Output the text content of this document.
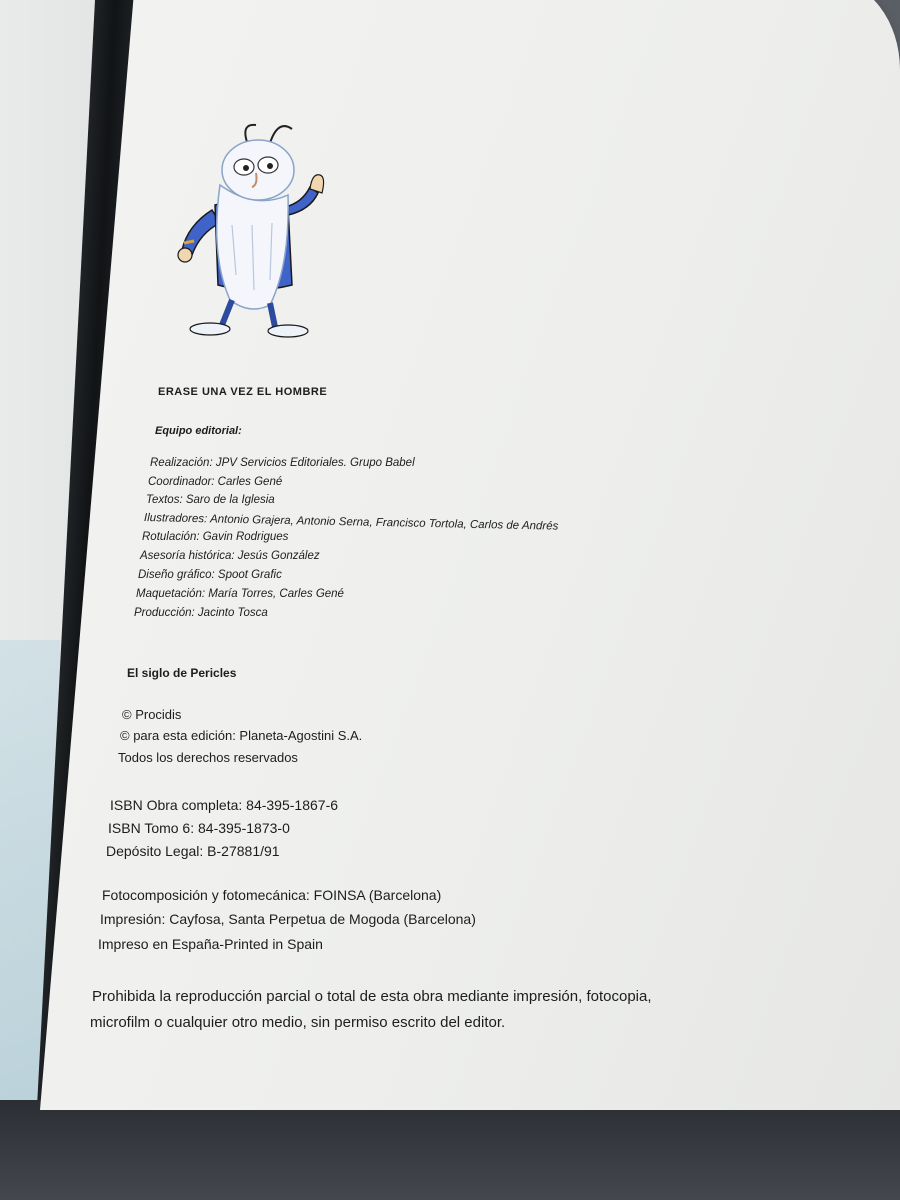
ERASE UNA VEZ EL HOMBRE
Equipo editorial:
Realización: JPV Servicios Editoriales. Grupo Babel
Coordinador: Carles Gené
Textos: Saro de la Iglesia
Ilustradores: Antonio Grajera, Antonio Serna, Francisco Tortola, Carlos de Andrés
Rotulación: Gavin Rodrigues
Asesoría histórica: Jesús González
Diseño gráfico: Spoot Grafic
Maquetación: María Torres, Carles Gené
Producción: Jacinto Tosca
El siglo de Pericles
© Procidis
© para esta edición: Planeta-Agostini S.A.
Todos los derechos reservados
ISBN Obra completa: 84-395-1867-6
ISBN Tomo 6: 84-395-1873-0
Depósito Legal: B-27881/91
Fotocomposición y fotomecánica: FOINSA (Barcelona)
Impresión: Cayfosa, Santa Perpetua de Mogoda (Barcelona)
Impreso en España-Printed in Spain
Prohibida la reproducción parcial o total de esta obra mediante impresión, fotocopia,
microfilm o cualquier otro medio, sin permiso escrito del editor.
